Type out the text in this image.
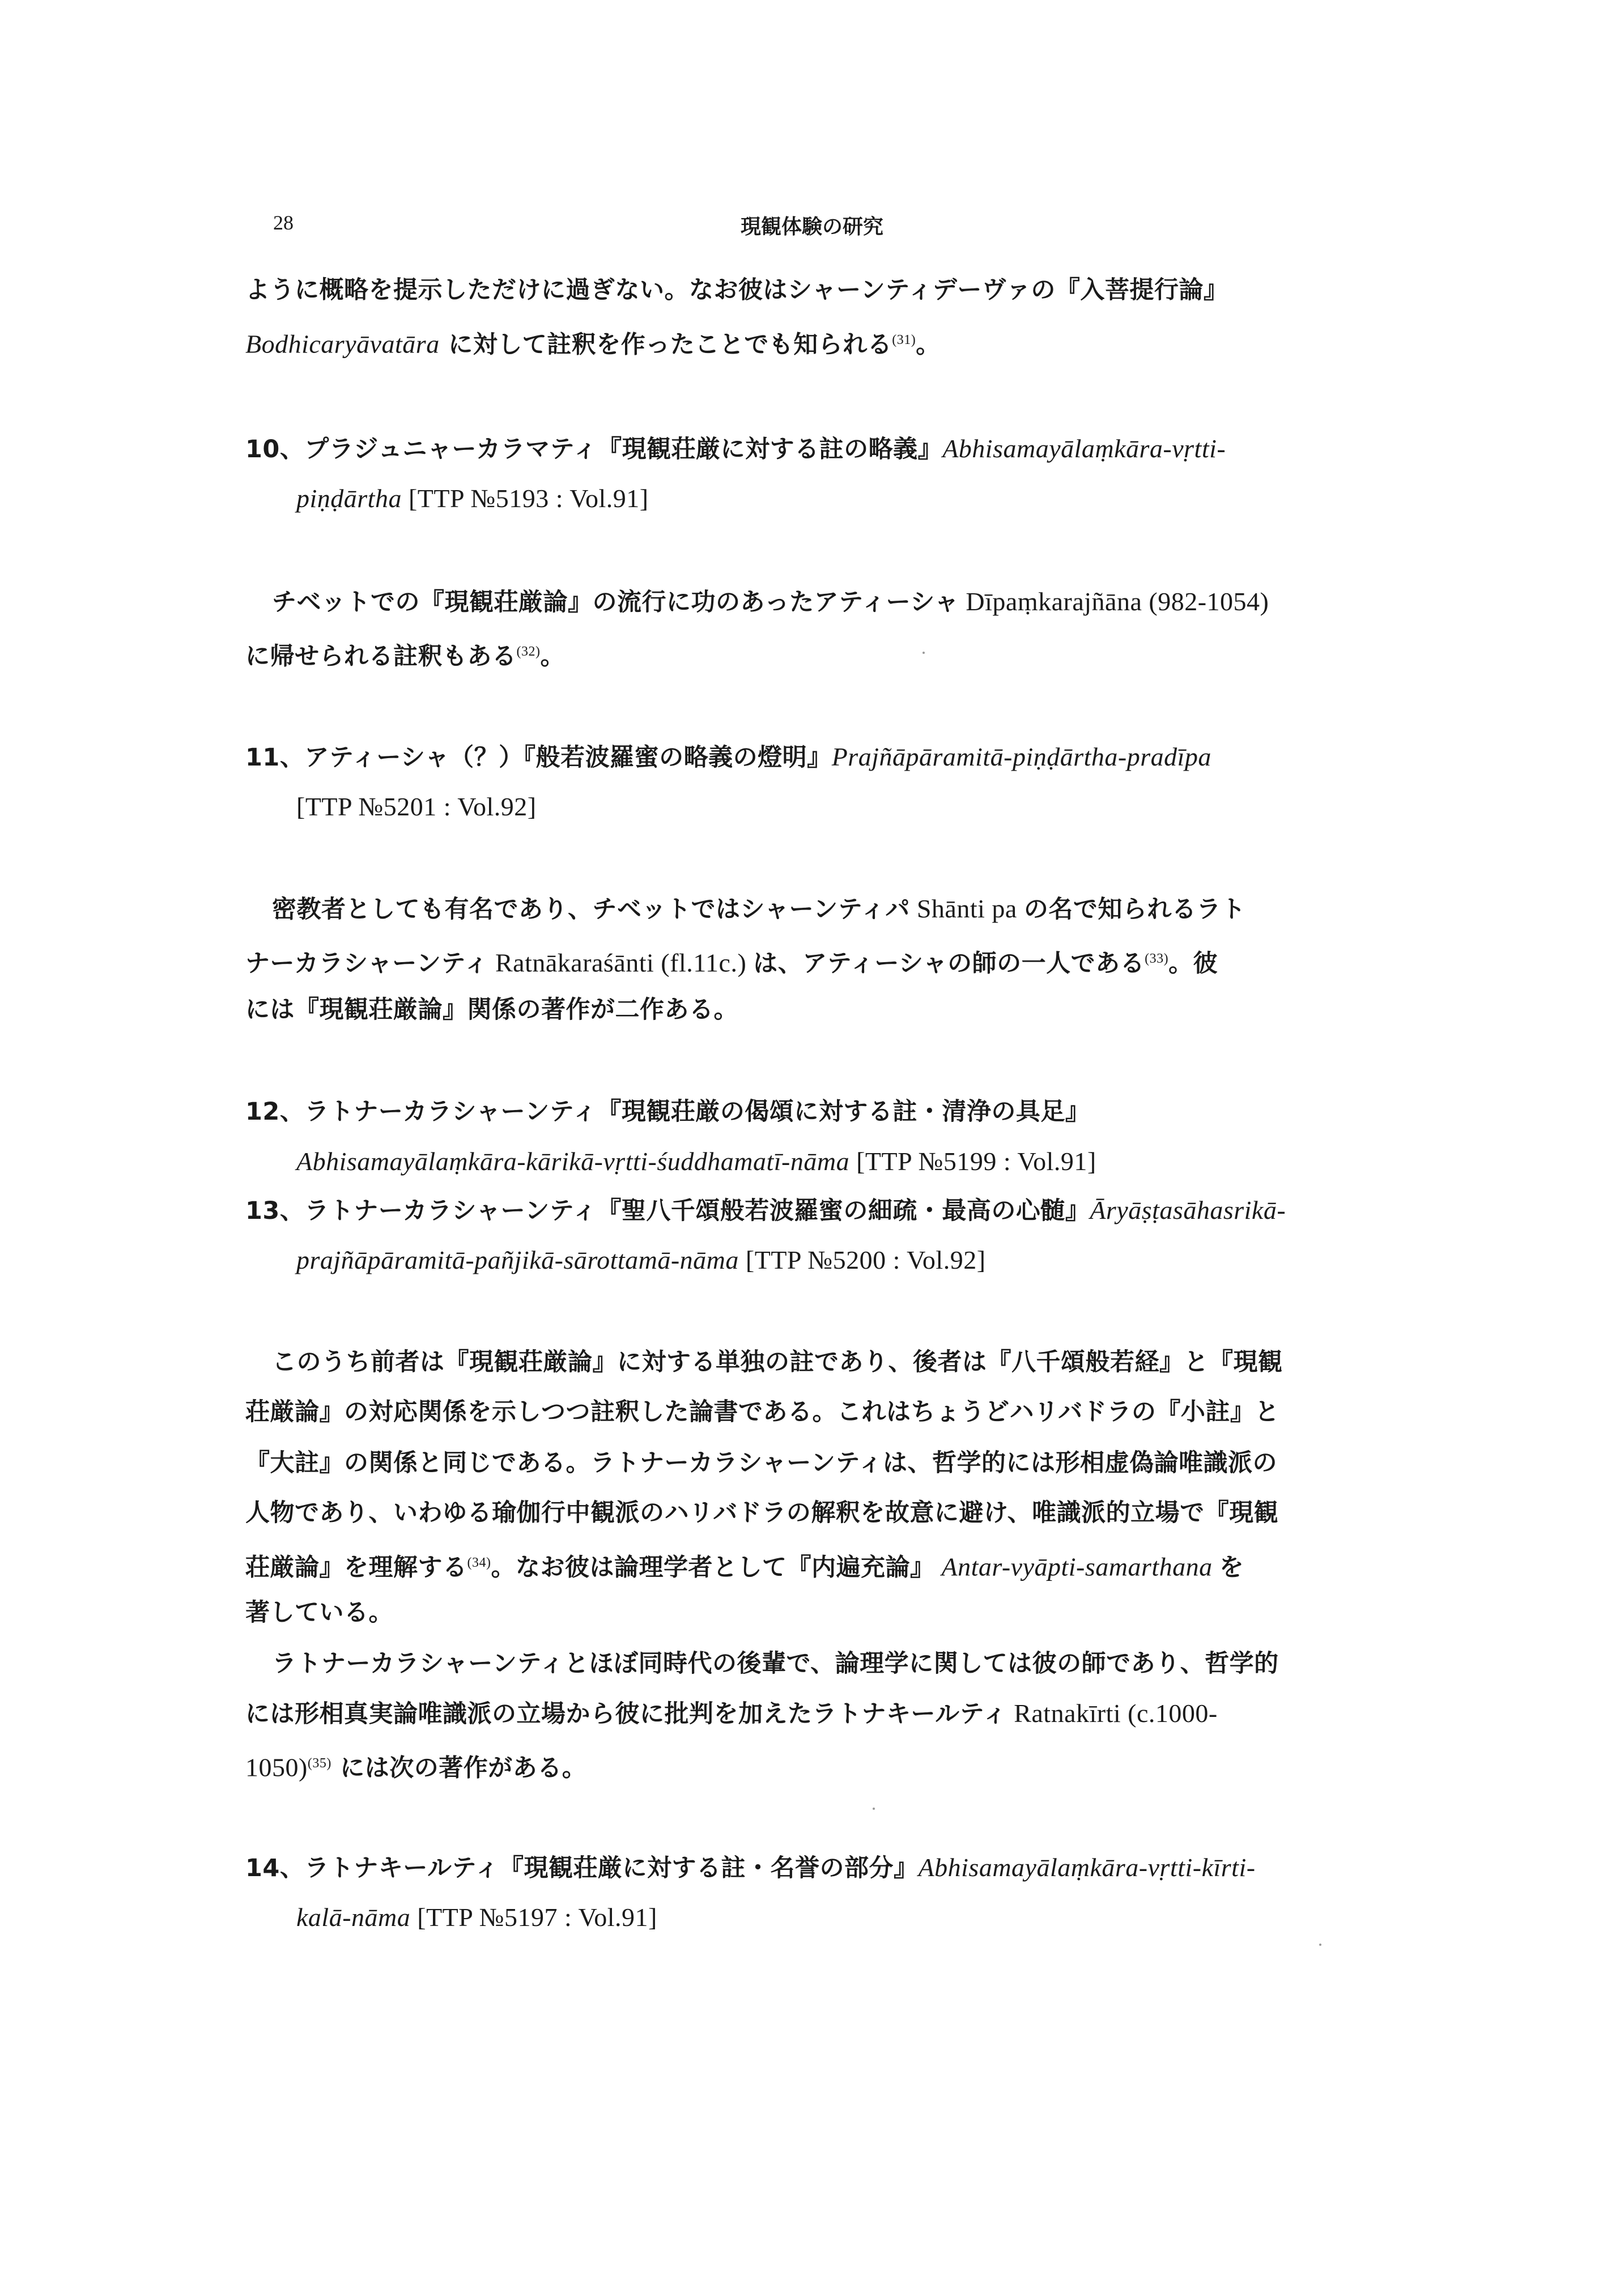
28	現観体験の研究
ように概略を提示しただけに過ぎない。なお彼はシャーンティデーヴァの『入菩提行論』
Bodhicaryāvatāra に対して註釈を作ったことでも知られる$^{(31)}$。
10、プラジュニャーカラマティ『現観荘厳に対する註の略義』Abhisamayālaṃkāra-vṛtti-
piṇḍārtha [TTP №5193 : Vol.91]
チベットでの『現観荘厳論』の流行に功のあったアティーシャ Dīpaṃkarajñāna (982-1054)
に帰せられる註釈もある$^{(32)}$。
11、アティーシャ（？）『般若波羅蜜の略義の燈明』Prajñāpāramitā-piṇḍārtha-pradīpa
[TTP №5201 : Vol.92]
密教者としても有名であり、チベットではシャーンティパ Shānti pa の名で知られるラト
ナーカラシャーンティ Ratnākaraśānti (fl.11c.) は、アティーシャの師の一人である$^{(33)}$。彼
には『現観荘厳論』関係の著作が二作ある。
12、ラトナーカラシャーンティ『現観荘厳の偈頌に対する註・清浄の具足』
Abhisamayālaṃkāra-kārikā-vṛtti-śuddhamatī-nāma [TTP №5199 : Vol.91]
13、ラトナーカラシャーンティ『聖八千頌般若波羅蜜の細疏・最高の心髄』Āryāṣṭasāhasrikā-
prajñāpāramitā-pañjikā-sārottamā-nāma [TTP №5200 : Vol.92]
このうち前者は『現観荘厳論』に対する単独の註であり、後者は『八千頌般若経』と『現観
荘厳論』の対応関係を示しつつ註釈した論書である。これはちょうどハリバドラの『小註』と
『大註』の関係と同じである。ラトナーカラシャーンティは、哲学的には形相虚偽論唯識派の
人物であり、いわゆる瑜伽行中観派のハリバドラの解釈を故意に避け、唯識派的立場で『現観
荘厳論』を理解する$^{(34)}$。なお彼は論理学者として『内遍充論』 Antar-vyāpti-samarthana を
著している。
ラトナーカラシャーンティとほぼ同時代の後輩で、論理学に関しては彼の師であり、哲学的
には形相真実論唯識派の立場から彼に批判を加えたラトナキールティ Ratnakīrti (c.1000-
1050)$^{(35)}$ には次の著作がある。
14、ラトナキールティ『現観荘厳に対する註・名誉の部分』Abhisamayālaṃkāra-vṛtti-kīrti-
kalā-nāma [TTP №5197 : Vol.91]
